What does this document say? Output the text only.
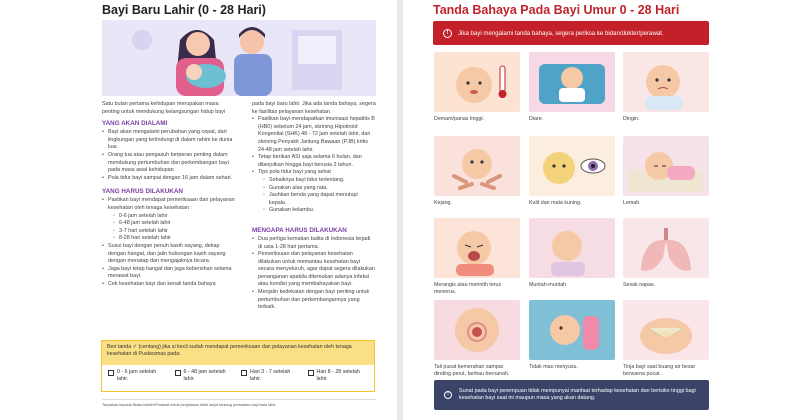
Bayi Baru Lahir (0 - 28 Hari)

Satu bulan pertama kehidupan merupakan masa penting untuk mendukung kelangsungan hidup bayi

YANG AKAN DIALAMI
• Bayi akan mengalami perubahan yang cepat, dari lingkungan yang terlindungi di dalam rahim ke dunia luar.
• Orang tua atau pengasuh berperan penting dalam mendukung pertumbuhan dan perkembangan bayi pada masa awal kehidupan
• Pola tidur bayi sampai dengan 16 jam dalam sehari.
YANG HARUS DILAKUKAN
• Pastikan bayi mendapat pemeriksaan dan pelayanan kesehatan oleh tenaga kesehatan :
◦ 0-6 jam setelah lahir
◦ 6-48 jam setelah lahir
◦ 3-7 hari setelah lahir
◦ 8-28 hari setelah lahir
• Susui bayi dengan penuh kasih sayang, dekap dengan hangat, dan jalin hubungan kasih sayang dengan menatap dan mengajaknya bicara.
• Jaga bayi tetap hangat dan jaga kebersihan selama merawat bayi.
• Cek kesehatan bayi dan kenali tanda bahaya

pada bayi baru lahir. Jika ada tanda bahaya, segera ke fasilitas pelayanan kesehatan.

• Pastikan bayi mendapatkan imunisasi hepatitis B (HB0) sebelum 24 jam, skrining Hipotiroid Kongenital (SHK) 48 - 72 jam setelah lahir, dan skrining Penyakit Jantung Bawaan (PJB) kritis 24-48 jam setelah lahir.
• Tetap berikan ASI saja selama 6 bulan, dan dilanjutkan hingga bayi berusia 2 tahun.
• Tips pola tidur bayi yang sehat
◦ Sebaiknya bayi tidur terlentang.
◦ Gunakan alas yang rata.
◦ Jauhkan benda yang dapat menutupi kepala.
◦ Gunakan kelambu.
MENGAPA HARUS DILAKUKAN
• Dua pertiga kematian balita di Indonesia terjadi di usia 1-28 hari pertama.
• Pemeriksaan dan pelayanan kesehatan dilakukan untuk memantau kesehatan bayi secara menyeluruh, agar dapat segera dilakukan penanganan apabila ditemukan adanya infeksi atau kondisi yang membahayakan bayi.
• Menjalin kedekatan dengan bayi penting untuk pertumbuhan dan perkembangannya yang terbaik.
Beri tanda ✓ (centang) jika si kecil sudah mendapat pemeriksaan dan pelayanan kesehatan oleh tenaga kesehatan di Puskesmas pada:
0 - 6 jam setelah lahir.
6 - 48 jam setelah lahir.
Hari 3 - 7 setelah lahir.
Hari 8 - 28 setelah lahir.
Tanyakan kepada Bidan/dokter/Perawat untuk penjelasan lebih lanjut tentang perawatan bayi baru lahir.
Tanda Bahaya Pada Bayi Umur 0 - 28 Hari
!	Jika bayi mengalami tanda bahaya, segera periksa ke bidan/dokter/perawat.
Demam/panas tinggi.	Diare.	Dingin.
Kejang.	Kulit dan mata kuning.	Lemah.
Merangis atau merintih terus menerus.
Muntah-muntah	Sesak napas.
Tali pusat kemerahan sampai dinding perut, berbau bernanah.
Tidak mau menyusu.	Tinja bayi saat buang air besar berwarna pucat.
!
Sunat pada bayi perempuan tidak mempunyai manfaat terhadap kesehatan dan berisiko tinggi bagi kesehatan bayi saat ini maupun masa yang akan datang.
